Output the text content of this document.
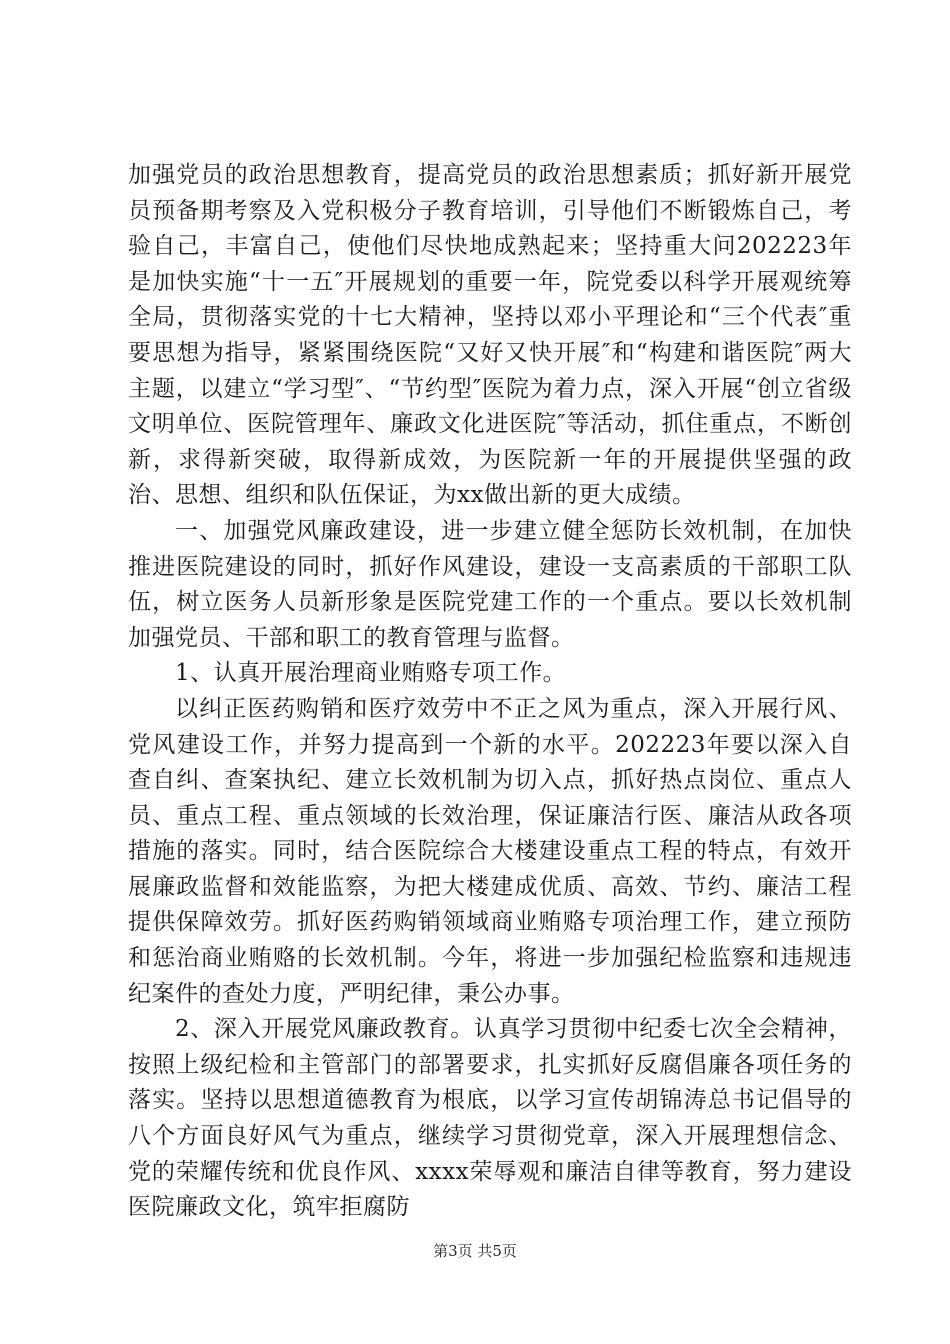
加强党员的政治思想教育，提高党员的政治思想素质；抓好新开展党员预备期考察及入党积极分子教育培训，引导他们不断锻炼自己，考验自己，丰富自己，使他们尽快地成熟起来；坚持重大问202223年是加快实施“十一五″开展规划的重要一年，院党委以科学开展观统筹全局，贯彻落实党的十七大精神，坚持以邓小平理论和“三个代表″重要思想为指导，紧紧围绕医院“又好又快开展″和“构建和谐医院″两大主题，以建立“学习型″、“节约型″医院为着力点，深入开展“创立省级文明单位、医院管理年、廉政文化进医院″等活动，抓住重点，不断创新，求得新突破，取得新成效，为医院新一年的开展提供坚强的政治、思想、组织和队伍保证，为xx做出新的更大成绩。

一、加强党风廉政建设，进一步建立健全惩防长效机制，在加快推进医院建设的同时，抓好作风建设，建设一支高素质的干部职工队伍，树立医务人员新形象是医院党建工作的一个重点。要以长效机制加强党员、干部和职工的教育管理与监督。

1、认真开展治理商业贿赂专项工作。

以纠正医药购销和医疗效劳中不正之风为重点，深入开展行风、党风建设工作，并努力提高到一个新的水平。202223年要以深入自查自纠、查案执纪、建立长效机制为切入点，抓好热点岗位、重点人员、重点工程、重点领域的长效治理，保证廉洁行医、廉洁从政各项措施的落实。同时，结合医院综合大楼建设重点工程的特点，有效开展廉政监督和效能监察，为把大楼建成优质、高效、节约、廉洁工程提供保障效劳。抓好医药购销领域商业贿赂专项治理工作，建立预防和惩治商业贿赂的长效机制。今年，将进一步加强纪检监察和违规违纪案件的查处力度，严明纪律，秉公办事。

2、深入开展党风廉政教育。认真学习贯彻中纪委七次全会精神，按照上级纪检和主管部门的部署要求，扎实抓好反腐倡廉各项任务的落实。坚持以思想道德教育为根底，以学习宣传胡锦涛总书记倡导的八个方面良好风气为重点，继续学习贯彻党章，深入开展理想信念、党的荣耀传统和优良作风、xxxx荣辱观和廉洁自律等教育，努力建设医院廉政文化，筑牢拒腐防

第3页 共5页
